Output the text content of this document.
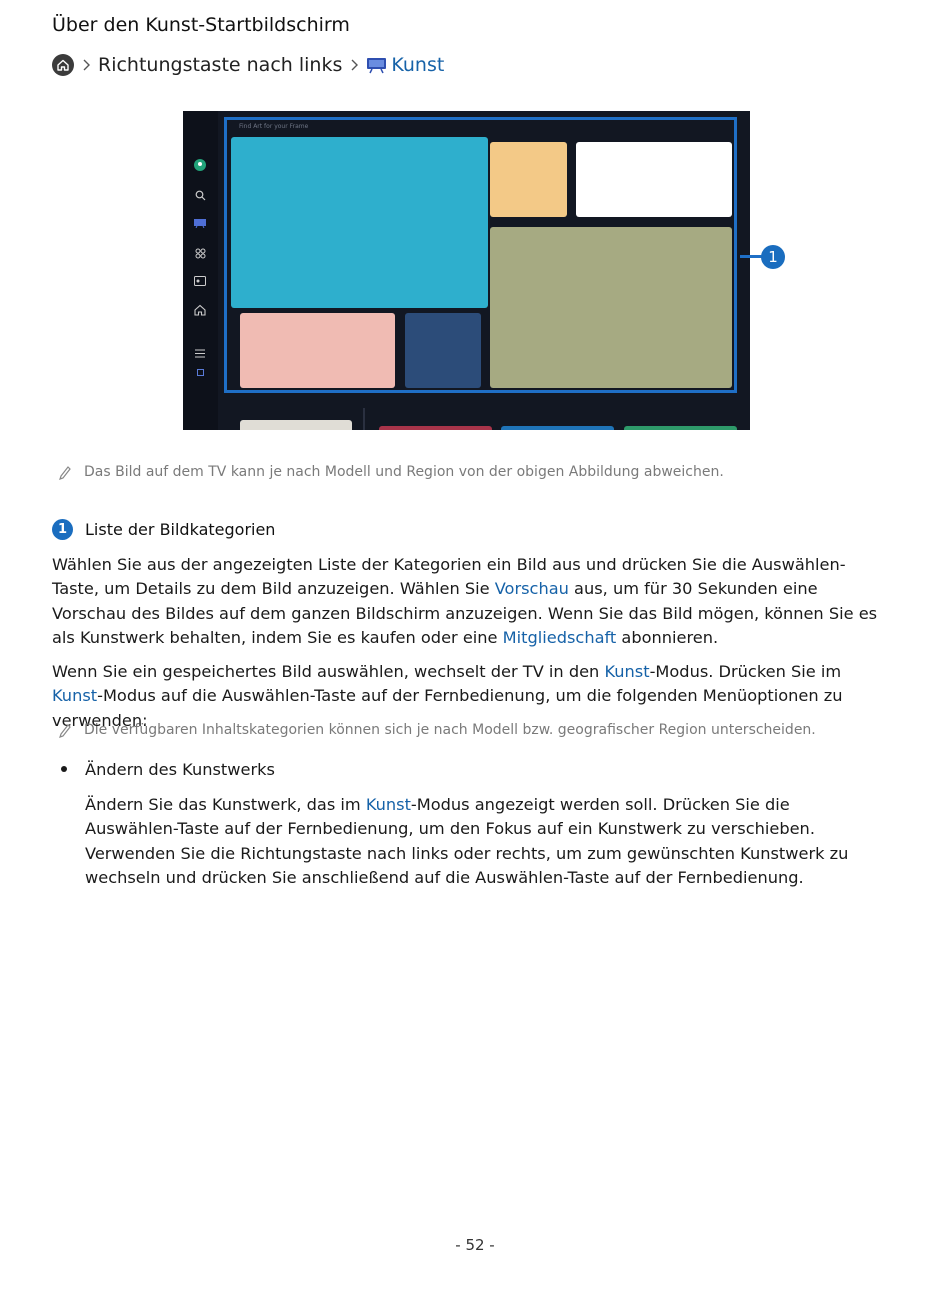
Über den Kunst-Startbildschirm
Richtungstaste nach links	Kunst
Find Art for your Frame
1
Das Bild auf dem TV kann je nach Modell und Region von der obigen Abbildung abweichen.
1	Liste der Bildkategorien
Wählen Sie aus der angezeigten Liste der Kategorien ein Bild aus und drücken Sie die Auswählen-Taste, um Details zu dem Bild anzuzeigen. Wählen Sie Vorschau aus, um für 30 Sekunden eine Vorschau des Bildes auf dem ganzen Bildschirm anzuzeigen. Wenn Sie das Bild mögen, können Sie es als Kunstwerk behalten, indem Sie es kaufen oder eine Mitgliedschaft abonnieren.
Wenn Sie ein gespeichertes Bild auswählen, wechselt der TV in den Kunst-Modus. Drücken Sie im Kunst-Modus auf die Auswählen-Taste auf der Fernbedienung, um die folgenden Menüoptionen zu verwenden:
Die verfügbaren Inhaltskategorien können sich je nach Modell bzw. geografischer Region unterscheiden.
Ändern des Kunstwerks
Ändern Sie das Kunstwerk, das im Kunst-Modus angezeigt werden soll. Drücken Sie die Auswählen-Taste auf der Fernbedienung, um den Fokus auf ein Kunstwerk zu verschieben. Verwenden Sie die Richtungstaste nach links oder rechts, um zum gewünschten Kunstwerk zu wechseln und drücken Sie anschließend auf die Auswählen-Taste auf der Fernbedienung.
- 52 -
